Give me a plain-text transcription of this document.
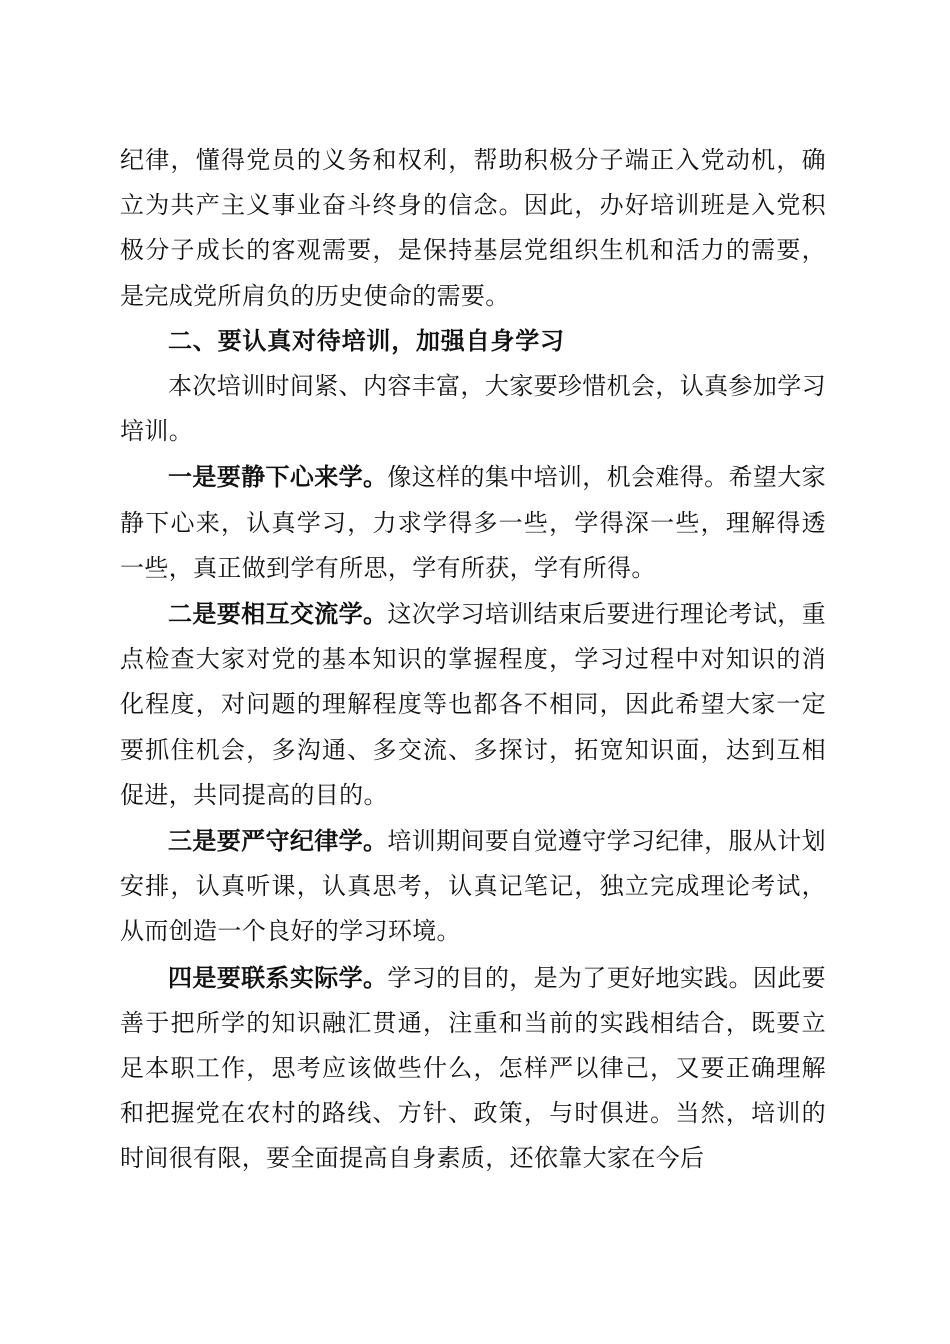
纪律，懂得党员的义务和权利，帮助积极分子端正入党动机，确立为共产主义事业奋斗终身的信念。因此，办好培训班是入党积极分子成长的客观需要，是保持基层党组织生机和活力的需要，是完成党所肩负的历史使命的需要。

二、要认真对待培训，加强自身学习

本次培训时间紧、内容丰富，大家要珍惜机会，认真参加学习培训。

一是要静下心来学。像这样的集中培训，机会难得。希望大家静下心来，认真学习，力求学得多一些，学得深一些，理解得透一些，真正做到学有所思，学有所获，学有所得。

二是要相互交流学。这次学习培训结束后要进行理论考试，重点检查大家对党的基本知识的掌握程度，学习过程中对知识的消化程度，对问题的理解程度等也都各不相同，因此希望大家一定要抓住机会，多沟通、多交流、多探讨，拓宽知识面，达到互相促进，共同提高的目的。

三是要严守纪律学。培训期间要自觉遵守学习纪律，服从计划安排，认真听课，认真思考，认真记笔记，独立完成理论考试，从而创造一个良好的学习环境。

四是要联系实际学。学习的目的，是为了更好地实践。因此要善于把所学的知识融汇贯通，注重和当前的实践相结合，既要立足本职工作，思考应该做些什么，怎样严以律己，又要正确理解和把握党在农村的路线、方针、政策，与时俱进。当然，培训的时间很有限，要全面提高自身素质，还依靠大家在今后
